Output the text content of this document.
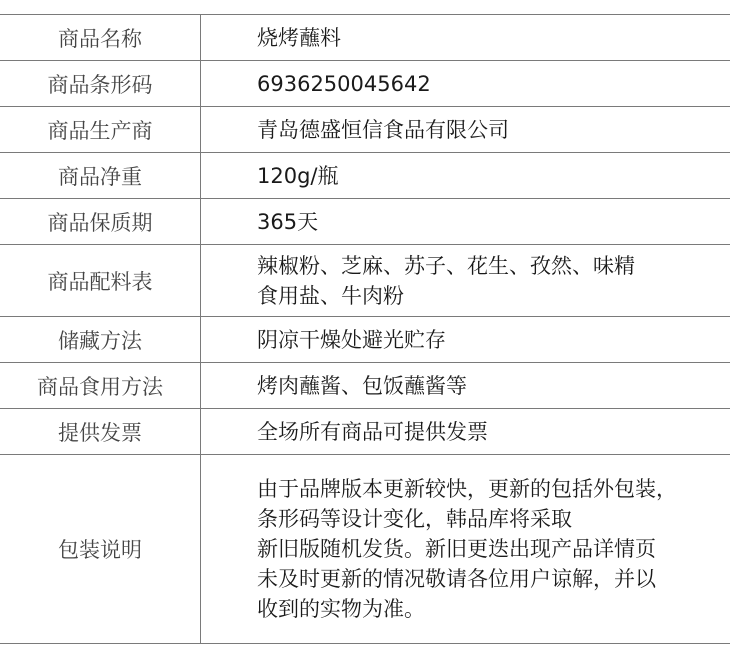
商品名称	烧烤蘸料

商品条形码	6936250045642

商品生产商	青岛德盛恒信食品有限公司

商品净重	120g/瓶

商品保质期	365天

商品配料表	辣椒粉、芝麻、苏子、花生、孜然、味精
食用盐、牛肉粉

储藏方法	阴凉干燥处避光贮存

商品食用方法	烤肉蘸酱、包饭蘸酱等

提供发票	全场所有商品可提供发票

包装说明	由于品牌版本更新较快，更新的包括外包装，
条形码等设计变化，韩品库将采取
新旧版随机发货。新旧更迭出现产品详情页
未及时更新的情况敬请各位用户谅解，并以
收到的实物为准。
